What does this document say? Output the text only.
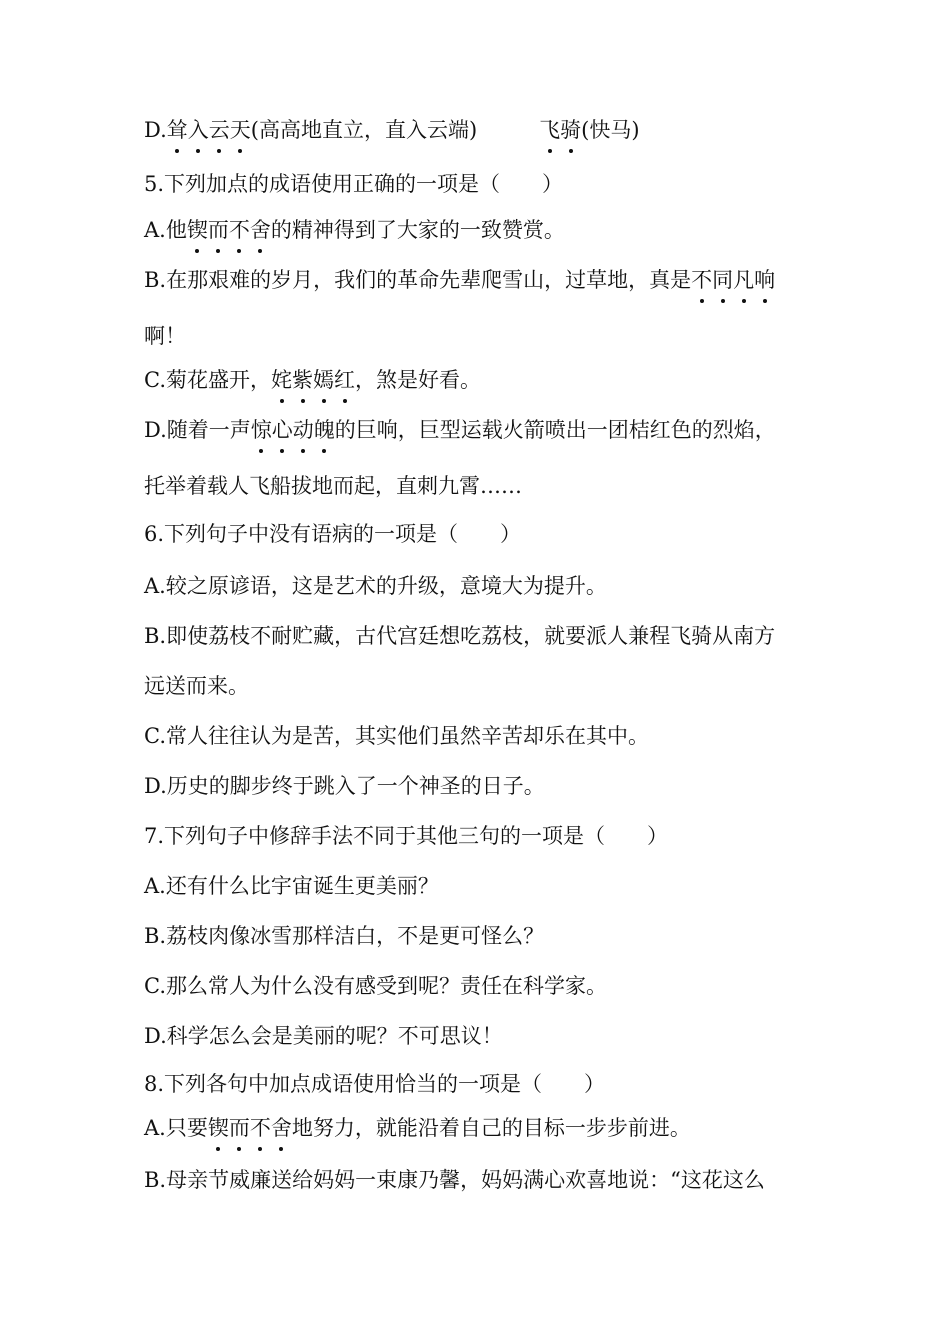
D.耸入云天(高高地直立，直入云端)	飞骑(快马)
5.下列加点的成语使用正确的一项是（　　）
A.他锲而不舍的精神得到了大家的一致赞赏。
B.在那艰难的岁月，我们的革命先辈爬雪山，过草地，真是不同凡响
啊！
C.菊花盛开，姹紫嫣红，煞是好看。
D.随着一声惊心动魄的巨响，巨型运载火箭喷出一团桔红色的烈焰，
托举着载人飞船拔地而起，直刺九霄……
6.下列句子中没有语病的一项是（　　）
A.较之原谚语，这是艺术的升级，意境大为提升。
B.即使荔枝不耐贮藏，古代宫廷想吃荔枝，就要派人兼程飞骑从南方
远送而来。
C.常人往往认为是苦，其实他们虽然辛苦却乐在其中。
D.历史的脚步终于跳入了一个神圣的日子。
7.下列句子中修辞手法不同于其他三句的一项是（　　）
A.还有什么比宇宙诞生更美丽？
B.荔枝肉像冰雪那样洁白，不是更可怪么？
C.那么常人为什么没有感受到呢？责任在科学家。
D.科学怎么会是美丽的呢？不可思议！
8.下列各句中加点成语使用恰当的一项是（　　）
A.只要锲而不舍地努力，就能沿着自己的目标一步步前进。
B.母亲节威廉送给妈妈一束康乃馨，妈妈满心欢喜地说：“这花这么
